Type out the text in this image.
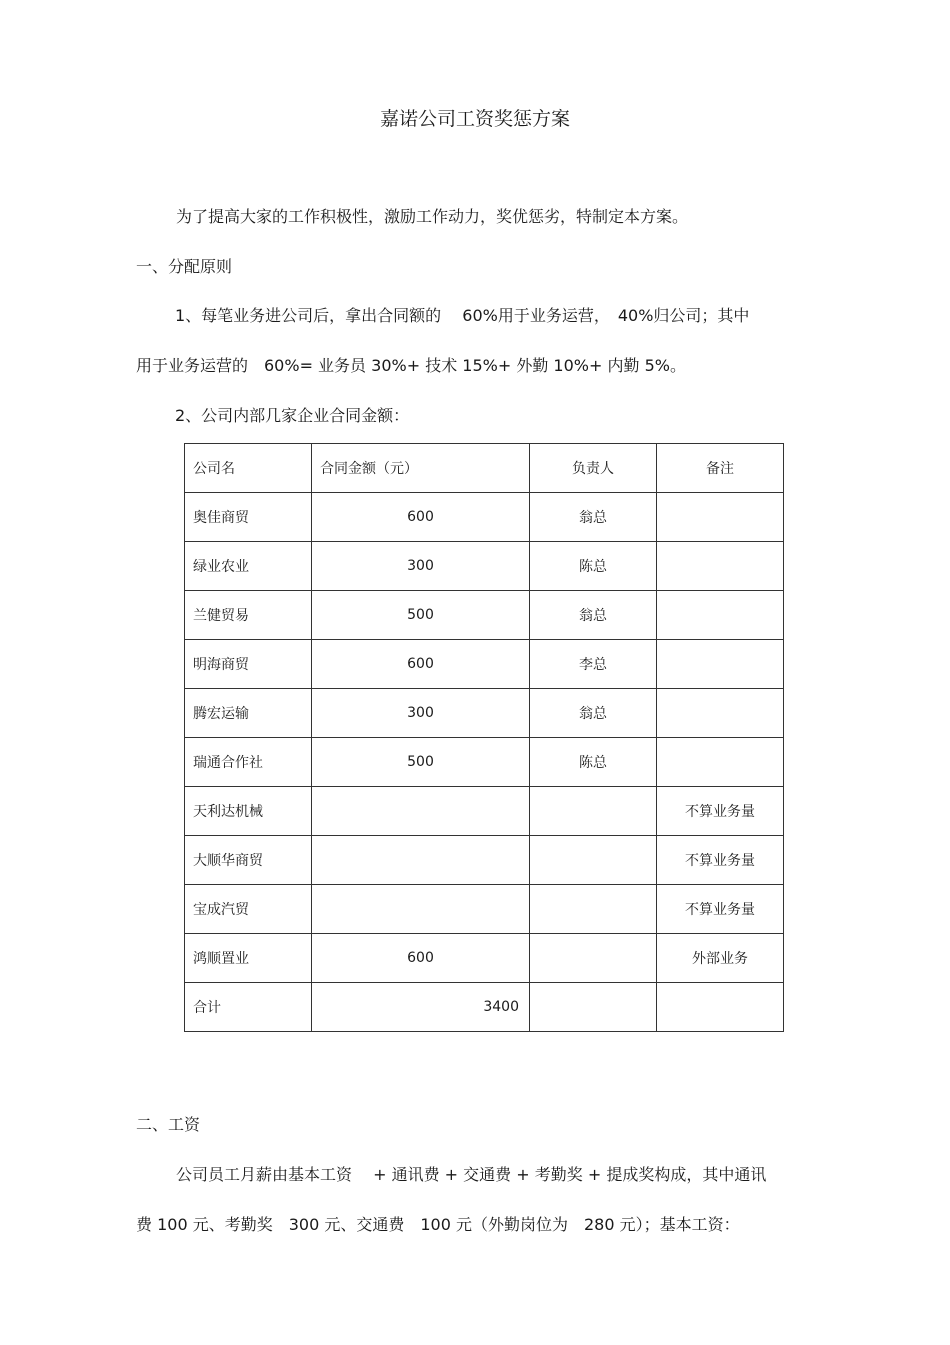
嘉诺公司工资奖惩方案
为了提高大家的工作积极性，激励工作动力，奖优惩劣，特制定本方案。
一、分配原则
1、每笔业务进公司后，拿出合同额的　 60%用于业务运营，　40%归公司；其中
用于业务运营的　60%= 业务员 30%+ 技术 15%+ 外勤 10%+ 内勤 5%。
2、公司内部几家企业合同金额：
公司名	合同金额（元）	负责人	备注
奥佳商贸	600	翁总	
绿业农业	300	陈总	
兰健贸易	500	翁总	
明海商贸	600	李总	
腾宏运输	300	翁总	
瑞通合作社	500	陈总	
天利达机械			不算业务量
大顺华商贸			不算业务量
宝成汽贸			不算业务量
鸿顺置业	600		外部业务
合计	3400		
二、工资
公司员工月薪由基本工资　 + 通讯费 + 交通费 + 考勤奖 + 提成奖构成，其中通讯
费 100 元、考勤奖　300 元、交通费　100 元（外勤岗位为　280 元）；基本工资：
